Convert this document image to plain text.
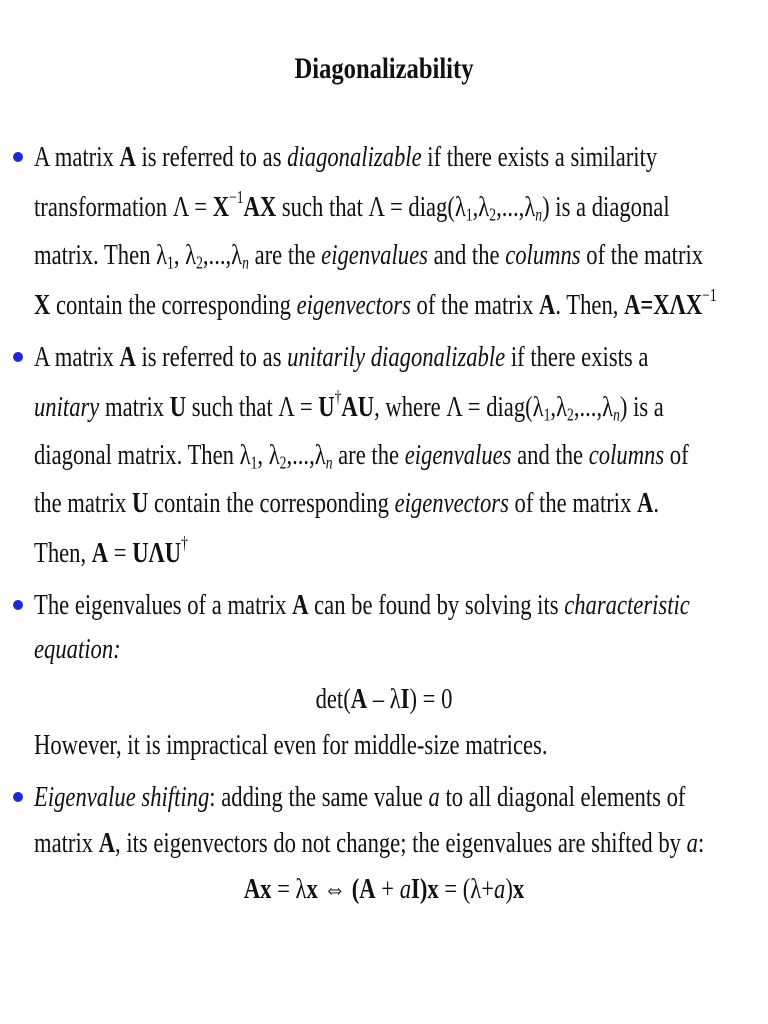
Diagonalizability
A matrix A is referred to as diagonalizable if there exists a similarity
transformation $\Lambda = X^{-1}AX$ such that $\Lambda = diag(\lambda_1,\lambda_2,...,\lambda_n)$ is a diagonal
matrix. Then $\lambda_1$, $\lambda_2,...,\lambda_n$ are the eigenvalues and the columns of the matrix
X contain the corresponding eigenvectors of the matrix A. Then, $A=X\Lambda X^{-1}$
A matrix A is referred to as unitarily diagonalizable if there exists a
unitary matrix U such that Λ = U†AU, where $\Lambda = diag(\lambda_1,\lambda_2,...,\lambda_n)$ is a
diagonal matrix. Then $\lambda_1$, $\lambda_2,...,\lambda_n$ are the eigenvalues and the columns of
the matrix U contain the corresponding eigenvectors of the matrix A.
Then, A = UΛU†
The eigenvalues of a matrix A can be found by solving its characteristic
equation:
det(A – λI) = 0
However, it is impractical even for middle-size matrices.
Eigenvalue shifting: adding the same value a to all diagonal elements of
matrix A, its eigenvectors do not change; the eigenvalues are shifted by a:
Ax = λx ⇔ (A + aI)x = (λ+a)x
